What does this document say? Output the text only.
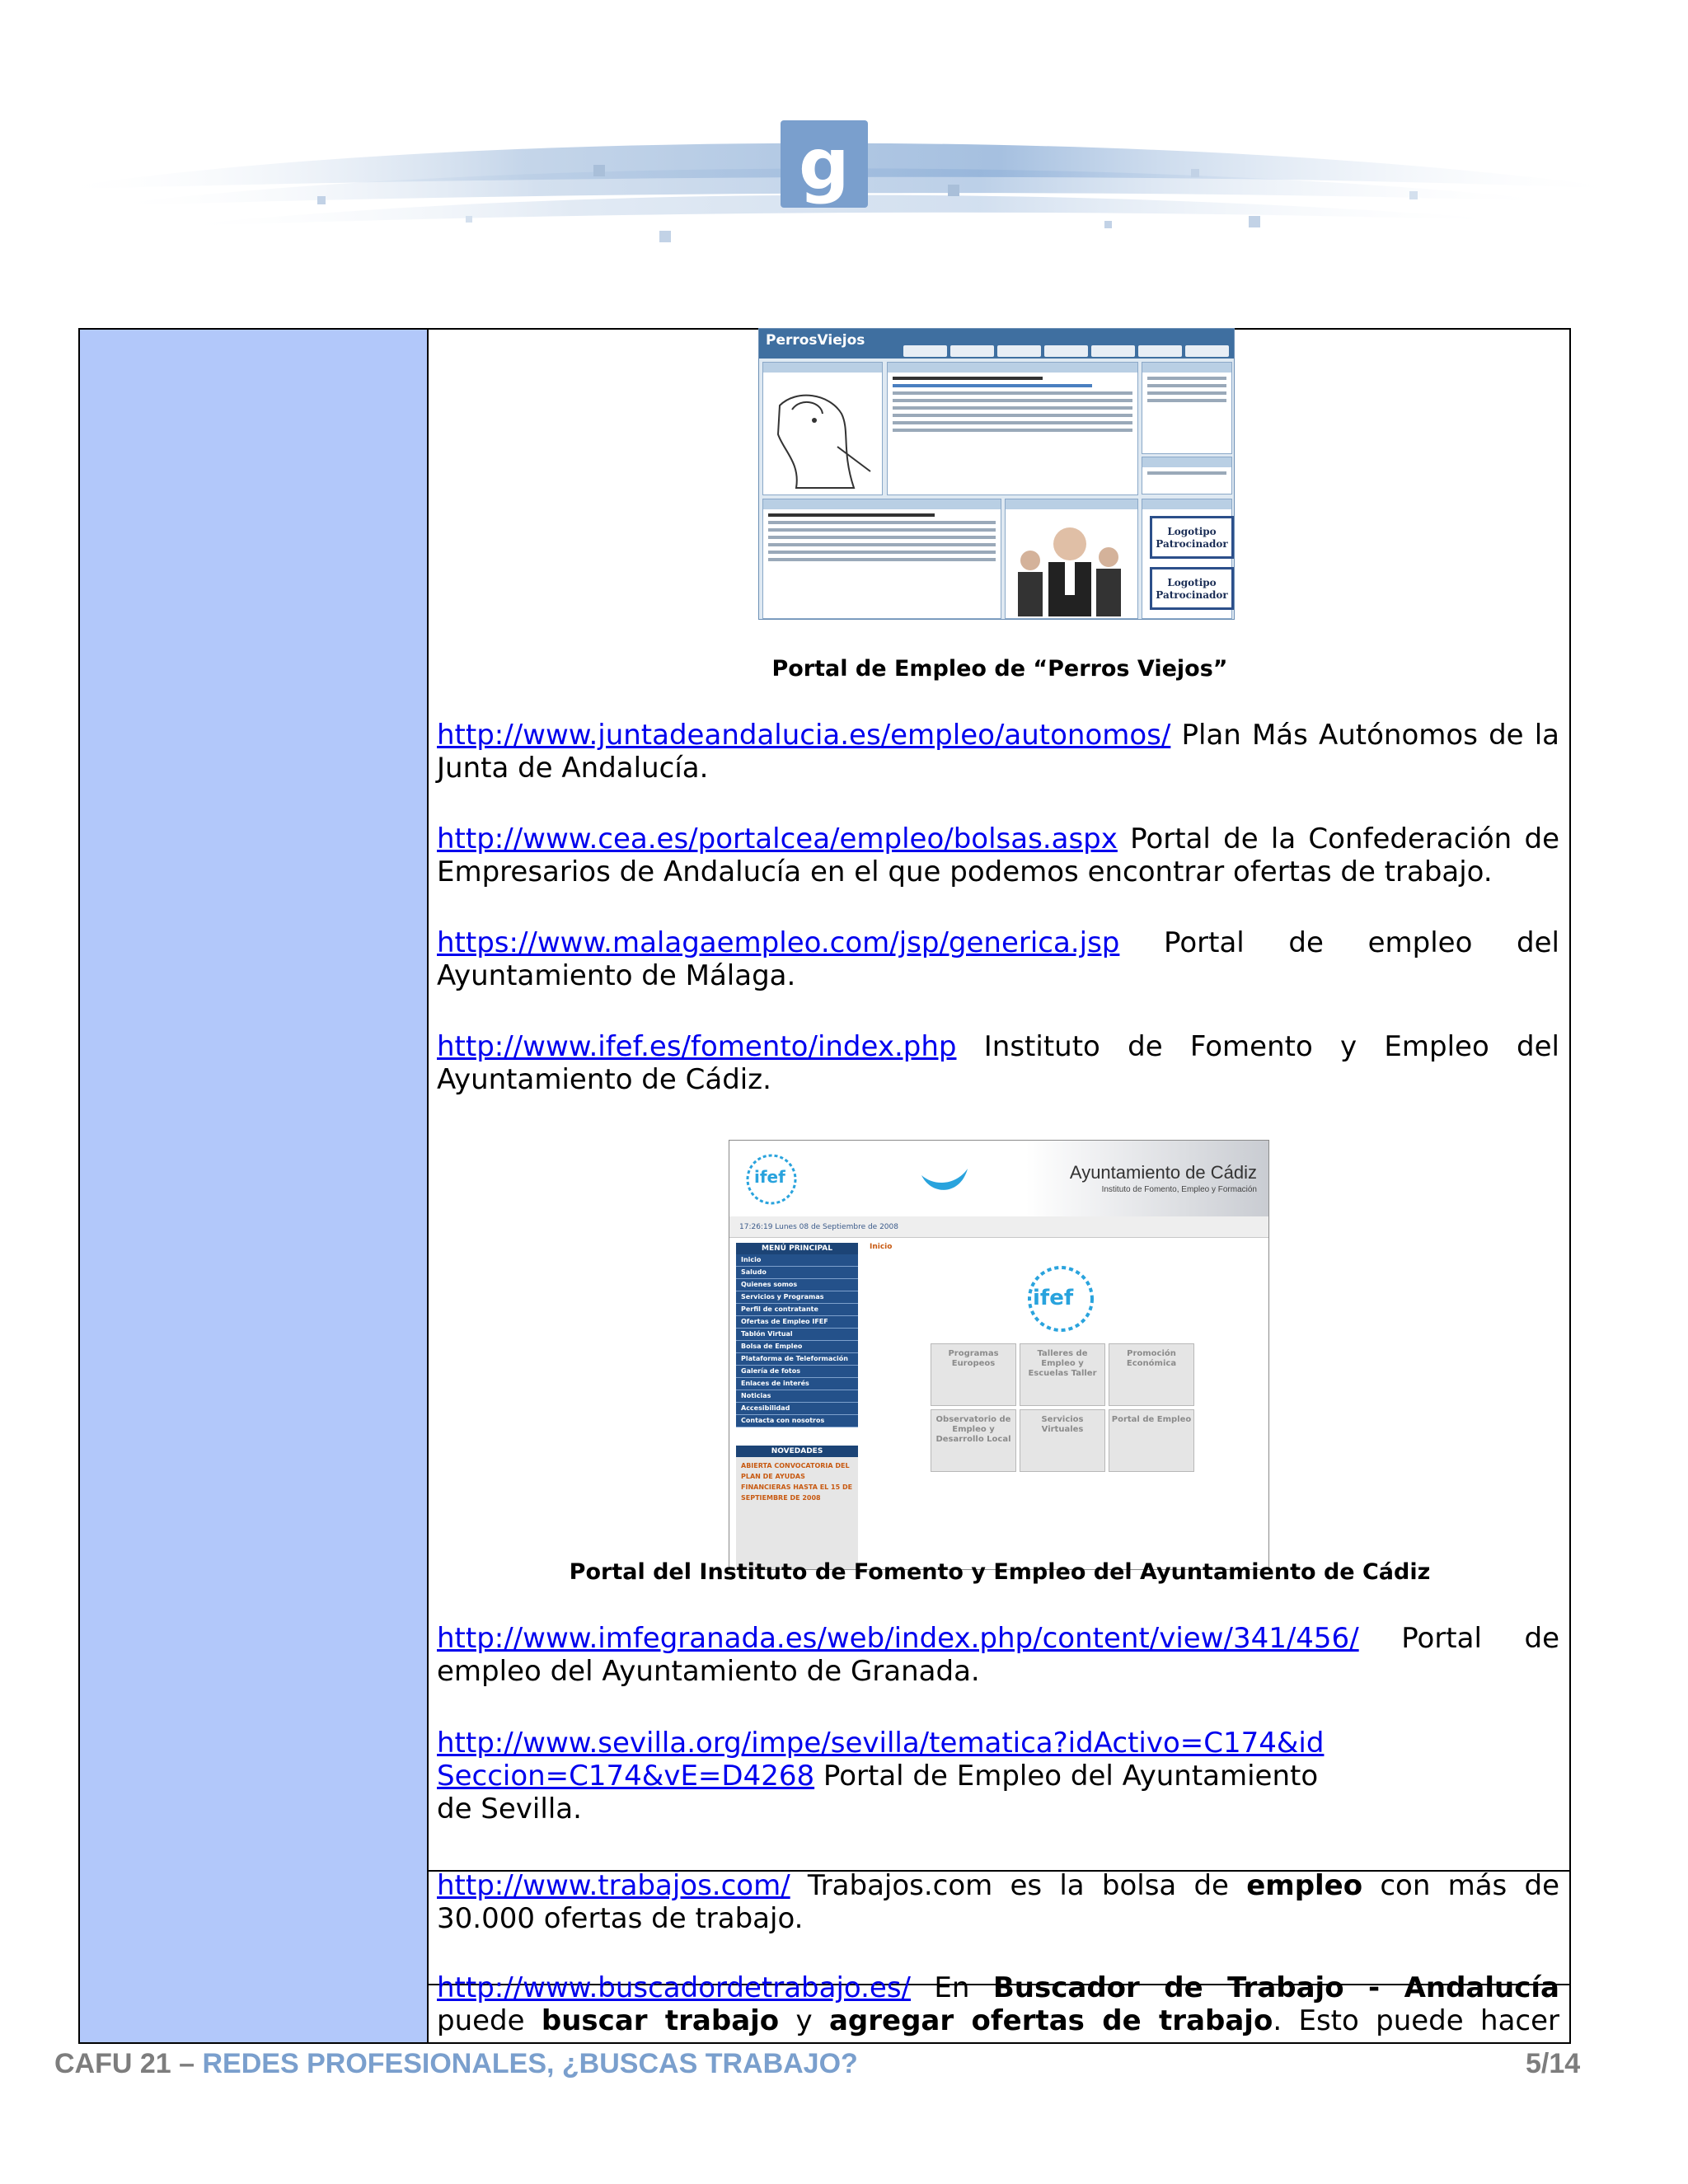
g
PerrosViejos
Logotipo Patrocinador
Logotipo Patrocinador
Portal de Empleo de “Perros Viejos”
http://www.juntadeandalucia.es/empleo/autonomos/ Plan Más Autónomos de la Junta de Andalucía.
http://www.cea.es/portalcea/empleo/bolsas.aspx Portal de la Confederación de Empresarios de Andalucía en el que podemos encontrar ofertas de trabajo.
https://www.malagaempleo.com/jsp/generica.jsp Portal de empleo del Ayuntamiento de Málaga.
http://www.ifef.es/fomento/index.php Instituto de Fomento y Empleo del Ayuntamiento de Cádiz.
ifef	Ayuntamiento de Cádiz
Instituto de Fomento, Empleo y Formación
17:26:19 Lunes 08 de Septiembre de 2008
Inicio
MENÚ PRINCIPAL
Inicio
Saludo
Quienes somos
Servicios y Programas
Perfil de contratante
Ofertas de Empleo IFEF
Tablón Virtual
Bolsa de Empleo
Plataforma de Teleformación
Galería de fotos
Enlaces de interés
Noticias
Accesibilidad
Contacta con nosotros
NOVEDADES
ABIERTA CONVOCATORIA DEL PLAN DE AYUDAS FINANCIERAS HASTA EL 15 DE SEPTIEMBRE DE 2008
ifef
Programas Europeos
Talleres de Empleo y Escuelas Taller
Promoción Económica
Observatorio de Empleo y Desarrollo Local
Servicios Virtuales
Portal de Empleo
Portal del Instituto de Fomento y Empleo del Ayuntamiento de Cádiz
http://www.imfegranada.es/web/index.php/content/view/341/456/ Portal de empleo del Ayuntamiento de Granada.
http://www.sevilla.org/impe/sevilla/tematica?idActivo=C174&idSeccion=C174&vE=D4268 Portal de Empleo del Ayuntamiento de Sevilla.
http://www.trabajos.com/ Trabajos.com es la bolsa de empleo con más de 30.000 ofertas de trabajo.
http://www.buscadordetrabajo.es/ En Buscador de Trabajo - Andalucía puede buscar trabajo y agregar ofertas de trabajo. Esto puede hacer
CAFU 21 – REDES PROFESIONALES, ¿BUSCAS TRABAJO?	5/14
